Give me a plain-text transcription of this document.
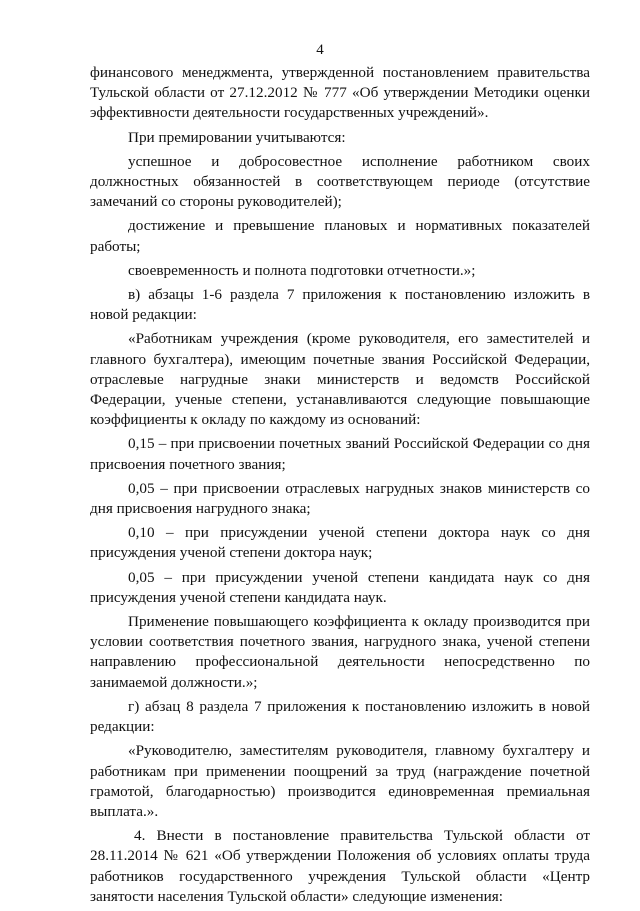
4

финансового менеджмента, утвержденной постановлением правительства Тульской области от 27.12.2012 № 777 «Об утверждении Методики оценки эффективности деятельности государственных учреждений».

При премировании учитываются:

успешное и добросовестное исполнение работником своих должностных обязанностей в соответствующем периоде (отсутствие замечаний со стороны руководителей);

достижение и превышение плановых и нормативных показателей работы;

своевременность и полнота подготовки отчетности.»;

в) абзацы 1-6 раздела 7 приложения к постановлению изложить в новой редакции:

«Работникам учреждения (кроме руководителя, его заместителей и главного бухгалтера), имеющим почетные звания Российской Федерации, отраслевые нагрудные знаки министерств и ведомств Российской Федерации, ученые степени, устанавливаются следующие повышающие коэффициенты к окладу по каждому из оснований:

0,15 – при присвоении почетных званий Российской Федерации со дня присвоения почетного звания;

0,05 – при присвоении отраслевых нагрудных знаков министерств со дня присвоения нагрудного знака;

0,10 – при присуждении ученой степени доктора наук со дня присуждения ученой степени доктора наук;

0,05 – при присуждении ученой степени кандидата наук со дня присуждения ученой степени кандидата наук.

Применение повышающего коэффициента к окладу производится при условии соответствия почетного звания, нагрудного знака, ученой степени направлению профессиональной деятельности непосредственно по занимаемой должности.»;

г) абзац 8 раздела 7 приложения к постановлению изложить в новой редакции:

«Руководителю, заместителям руководителя, главному бухгалтеру и работникам при применении поощрений за труд (награждение почетной грамотой, благодарностью) производится единовременная премиальная выплата.».

4. Внести в постановление правительства Тульской области от 28.11.2014 № 621 «Об утверждении Положения об условиях оплаты труда работников государственного учреждения Тульской области «Центр занятости населения Тульской области» следующие изменения:
